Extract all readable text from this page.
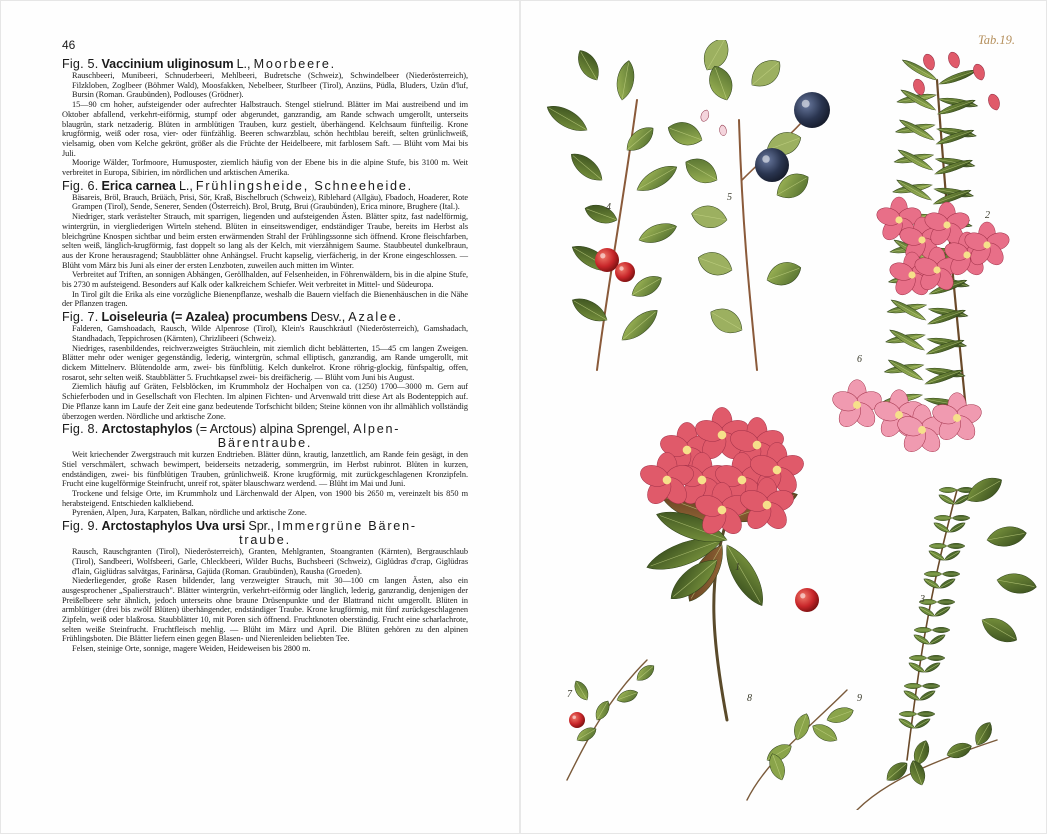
46
Fig. 5. Vaccinium uliginosum L., Moorbeere.

Rauschbeeri, Munibeeri, Schnuderbeeri, Mehlbeeri, Budretsche (Schweiz), Schwindelbeer (Niederösterreich), Filzkloben, Zoglbeer (Böhmer Wald), Moosfakken, Nebelbeer, Sturlbeer (Tirol), Anzüns, Püdla, Bluders, Uzün d'luf, Bursin (Roman. Graubünden), Podlouses (Grödner).

15—90 cm hoher, aufsteigender oder aufrechter Halbstrauch. Stengel stielrund. Blätter im Mai austreibend und im Oktober abfallend, verkehrt-eiförmig, stumpf oder abgerundet, ganzrandig, am Rande schwach umgerollt, unterseits blaugrün, stark netzaderig. Blüten in armblütigen Trauben, kurz gestielt, überhängend. Kelchsaum fünfteilig. Krone krugförmig, weiß oder rosa, vier- oder fünfzählig. Beeren schwarzblau, schön hechtblau bereift, selten grünlichweiß, vielsamig, oben vom Kelche gekrönt, größer als die Früchte der Heidelbeere, mit farblosem Saft. — Blüht vom Mai bis Juli.

Moorige Wälder, Torfmoore, Humusposter, ziemlich häufig von der Ebene bis in die alpine Stufe, bis 3100 m. Weit verbreitet in Europa, Sibirien, im nördlichen und arktischen Amerika.

Fig. 6. Erica carnea L., Frühlingsheide, Schneeheide.

Bäsareis, Bröl, Brauch, Brüäch, Prisi, Sör, Kraß, Bischelbruch (Schweiz), Riblehard (Allgäu), Fbadoch, Hoaderer, Rote Grampen (Tirol), Sende, Senerer, Senden (Österreich). Brol, Brutg, Brui (Graubünden), Erica minore, Brughere (Ital.).

Niedriger, stark verästelter Strauch, mit sparrigen, liegenden und aufsteigenden Ästen. Blätter spitz, fast nadelförmig, wintergrün, in viergliederigen Wirteln stehend. Blüten in einseitswendiger, endständiger Traube, bereits im Herbst als bleichgrüne Knospen sichtbar und beim ersten erwärmenden Strahl der Frühlingssonne sich öffnend. Krone fleischfarben, selten weiß, länglich-krugförmig, fast doppelt so lang als der Kelch, mit vierzähnigem Saume. Staubbeutel dunkelbraun, aus der Krone herausragend; Staubblätter ohne Anhängsel. Frucht kapselig, vierfächerig, in der Krone eingeschlossen. — Blüht vom März bis Juni als einer der ersten Lenzboten, zuweilen auch mitten im Winter.

Verbreitet auf Triften, an sonnigen Abhängen, Geröllhalden, auf Felsenheiden, in Föhrenwäldern, bis in die alpine Stufe, bis 2730 m aufsteigend. Besonders auf Kalk oder kalkreichem Schiefer. Weit verbreitet in Mittel- und Südeuropa.

In Tirol gilt die Erika als eine vorzügliche Bienenpflanze, weshalb die Bauern vielfach die Bienenhäuschen in die Nähe der Pflanzen tragen.

Fig. 7. Loiseleuria (= Azalea) procumbens Desv., Azalee.

Falderen, Gamshoadach, Rausch, Wilde Alpenrose (Tirol), Klein's Rauschkräutl (Niederösterreich), Gamshadach, Standhadach, Teppichrosen (Kärnten), Chrizlibeeri (Schweiz).

Niedriges, rasenbildendes, reichverzweigtes Sträuchlein, mit ziemlich dicht beblätterten, 15—45 cm langen Zweigen. Blätter mehr oder weniger gegenständig, lederig, wintergrün, schmal elliptisch, ganzrandig, am Rande umgerollt, mit dickem Mittelnerv. Blütendolde arm, zwei- bis fünfblütig. Kelch dunkelrot. Krone röhrig-glockig, fünfspaltig, offen, rosarot, sehr selten weiß. Staubblätter 5. Fruchtkapsel zwei- bis dreifächerig. — Blüht vom Juni bis August.

Ziemlich häufig auf Gräten, Felsblöcken, im Krummholz der Hochalpen von ca. (1250) 1700—3000 m. Gern auf Schieferboden und in Gesellschaft von Flechten. Im alpinen Fichten- und Arvenwald tritt diese Art als Bodenteppich auf. Die Pflanze kann im Laufe der Zeit eine ganz bedeutende Torfschicht bilden; Steine können von ihr allmählich vollständig überzogen werden. Nördliche und arktische Zone.

Fig. 8. Arctostaphylos (= Arctous) alpina Sprengel, Alpen-
Bärentraube.

Weit kriechender Zwergstrauch mit kurzen Endtrieben. Blätter dünn, krautig, lanzettlich, am Rande fein gesägt, in den Stiel verschmälert, schwach bewimpert, beiderseits netzaderig, sommergrün, im Herbst rubinrot. Blüten in kurzen, endständigen, zwei- bis fünfblütigen Trauben, grünlichweiß. Krone krugförmig, mit zurückgeschlagenen Kronzipfeln. Frucht eine kugelförmige Steinfrucht, unreif rot, später blauschwarz werdend. — Blüht im Mai und Juni.

Trockene und felsige Orte, im Krummholz und Lärchenwald der Alpen, von 1900 bis 2650 m, vereinzelt bis 850 m herabsteigend. Entschieden kalkliebend.

Pyrenäen, Alpen, Jura, Karpaten, Balkan, nördliche und arktische Zone.

Fig. 9. Arctostaphylos Uva ursi Spr., Immergrüne Bären-
traube.

Rausch, Rauschgranten (Tirol), Niederösterreich), Granten, Mehlgranten, Stoangranten (Kärnten), Bergrauschlaub (Tirol), Sandbeeri, Wolfsbeeri, Garle, Chleckbeeri, Wilder Buchs, Buchsbeeri (Schweiz), Giglüdras d'crap, Giglüdras d'lain, Giglüdras salvätgas, Farinärsa, Gajüda (Roman. Graubünden), Rausha (Groeden).

Niederliegender, große Rasen bildender, lang verzweigter Strauch, mit 30—100 cm langen Ästen, also ein ausgesprochener „Spalierstrauch". Blätter wintergrün, verkehrt-eiförmig oder länglich, lederig, ganzrandig, denjenigen der Preißelbeere sehr ähnlich, jedoch unterseits ohne braune Drüsenpunkte und der Blattrand nicht umgerollt. Blüten in armblütiger (drei bis zwölf Blüten) überhängender, endständiger Traube. Krone krugförmig, mit fünf zurückgeschlagenen Zipfeln, weiß oder blaßrosa. Staubblätter 10, mit Poren sich öffnend. Fruchtknoten oberständig. Frucht eine scharlachrote, selten weiße Steinfrucht. Fruchtfleisch mehlig. — Blüht im März und April. Die Blüten gehören zu den alpinen Frühlingsboten. Die Blätter liefern einen gegen Blasen- und Nierenleiden beliebten Tee.

Felsen, steinige Orte, sonnige, magere Weiden, Heideweisen bis 2800 m.

Tab.19.
1
2
3
4
5
6
7	8	9
